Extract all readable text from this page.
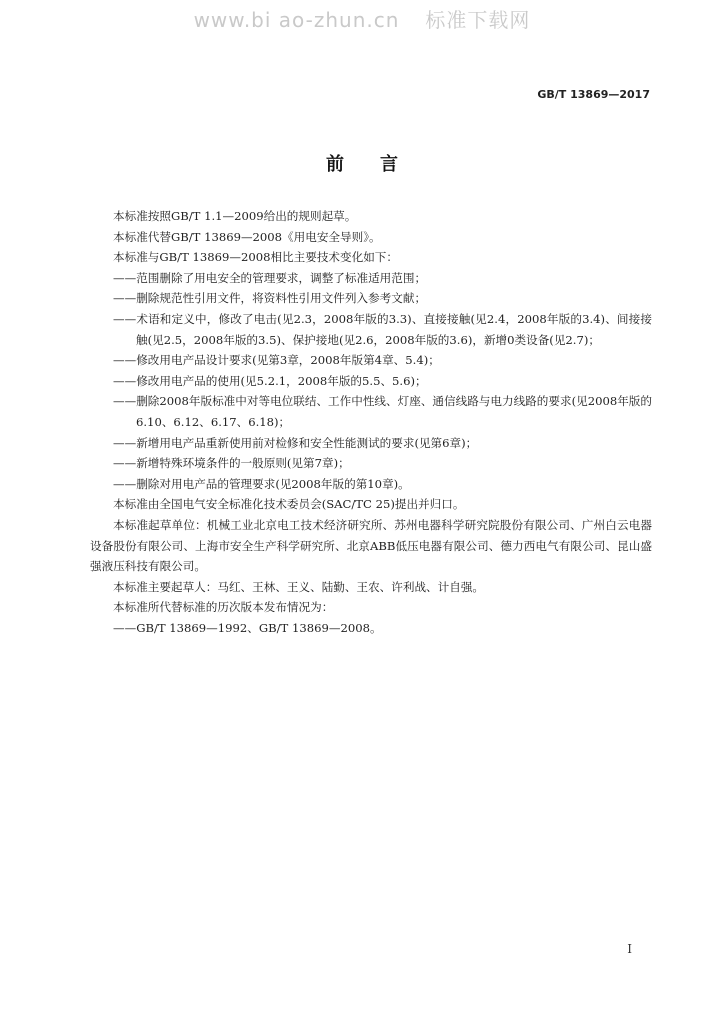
www.bi ao-zhun.cn 标准下载网
GB/T 13869—2017
前言

本标准按照GB/T 1.1—2009给出的规则起草。

本标准代替GB/T 13869—2008《用电安全导则》。

本标准与GB/T 13869—2008相比主要技术变化如下：

——范围删除了用电安全的管理要求，调整了标准适用范围；

——删除规范性引用文件，将资料性引用文件列入参考文献；

——术语和定义中，修改了电击(见2.3，2008年版的3.3)、直接接触(见2.4，2008年版的3.4)、间接接触(见2.5，2008年版的3.5)、保护接地(见2.6，2008年版的3.6)，新增0类设备(见2.7)；

——修改用电产品设计要求(见第3章，2008年版第4章、5.4)；

——修改用电产品的使用(见5.2.1，2008年版的5.5、5.6)；

——删除2008年版标准中对等电位联结、工作中性线、灯座、通信线路与电力线路的要求(见2008年版的6.10、6.12、6.17、6.18)；

——新增用电产品重新使用前对检修和安全性能测试的要求(见第6章)；

——新增特殊环境条件的一般原则(见第7章)；

——删除对用电产品的管理要求(见2008年版的第10章)。

本标准由全国电气安全标准化技术委员会(SAC/TC 25)提出并归口。

本标准起草单位：机械工业北京电工技术经济研究所、苏州电器科学研究院股份有限公司、广州白云电器设备股份有限公司、上海市安全生产科学研究所、北京ABB低压电器有限公司、德力西电气有限公司、昆山盛强液压科技有限公司。

本标准主要起草人：马红、王林、王义、陆勤、王农、许利战、计自强。

本标准所代替标准的历次版本发布情况为：

——GB/T 13869—1992、GB/T 13869—2008。

I
